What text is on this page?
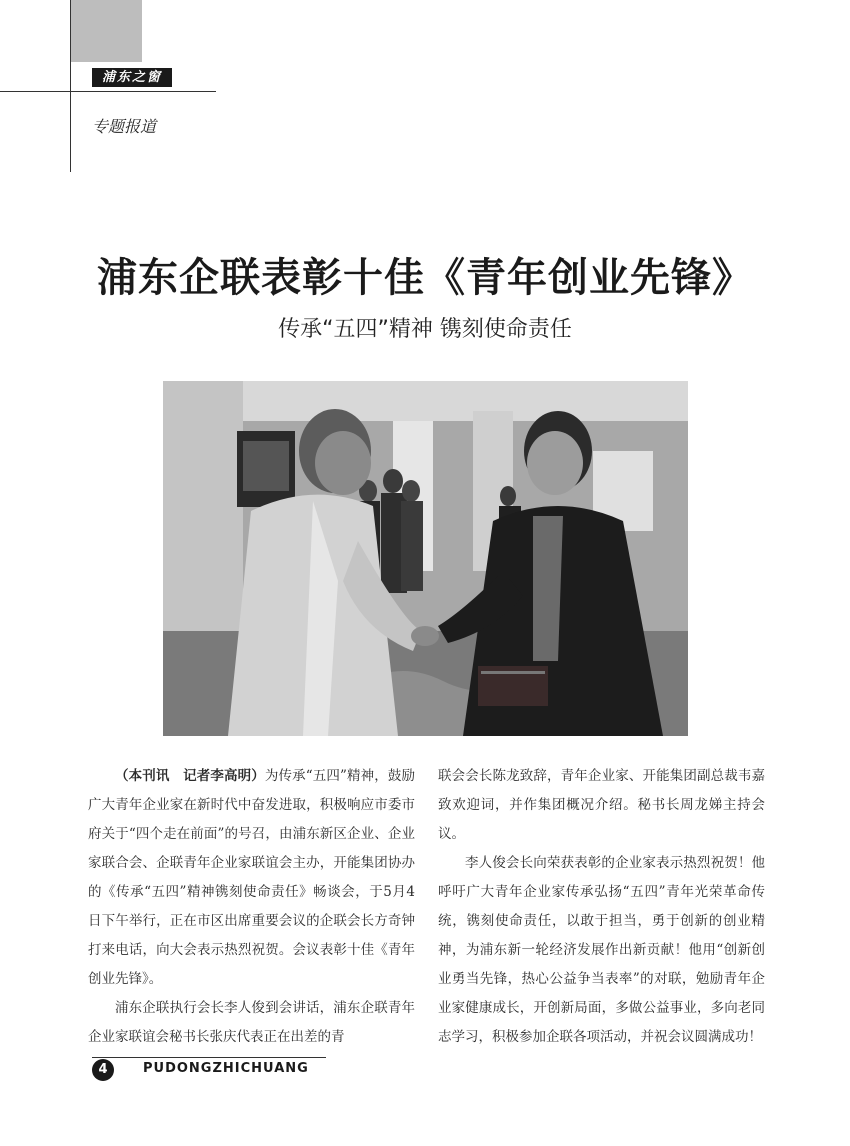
浦东之窗
专题报道
浦东企联表彰十佳《青年创业先锋》
传承“五四”精神 镌刻使命责任

（本刊讯　记者李高明）为传承“五四”精神，鼓励广大青年企业家在新时代中奋发进取，积极响应市委市府关于“四个走在前面”的号召，由浦东新区企业、企业家联合会、企联青年企业家联谊会主办，开能集团协办的《传承“五四”精神镌刻使命责任》畅谈会，于5月4日下午举行，正在市区出席重要会议的企联会长方奇钟打来电话，向大会表示热烈祝贺。会议表彰十佳《青年创业先锋》。

浦东企联执行会长李人俊到会讲话，浦东企联青年企业家联谊会秘书长张庆代表正在出差的青

联会会长陈龙致辞，青年企业家、开能集团副总裁韦嘉致欢迎词，并作集团概况介绍。秘书长周龙娣主持会议。

李人俊会长向荣获表彰的企业家表示热烈祝贺！他呼吁广大青年企业家传承弘扬“五四”青年光荣革命传统，镌刻使命责任，以敢于担当，勇于创新的创业精神，为浦东新一轮经济发展作出新贡献！他用“创新创业勇当先锋，热心公益争当表率”的对联，勉励青年企业家健康成长，开创新局面，多做公益事业，多向老同志学习，积极参加企联各项活动，并祝会议圆满成功！

4	PUDONGZHICHUANG
